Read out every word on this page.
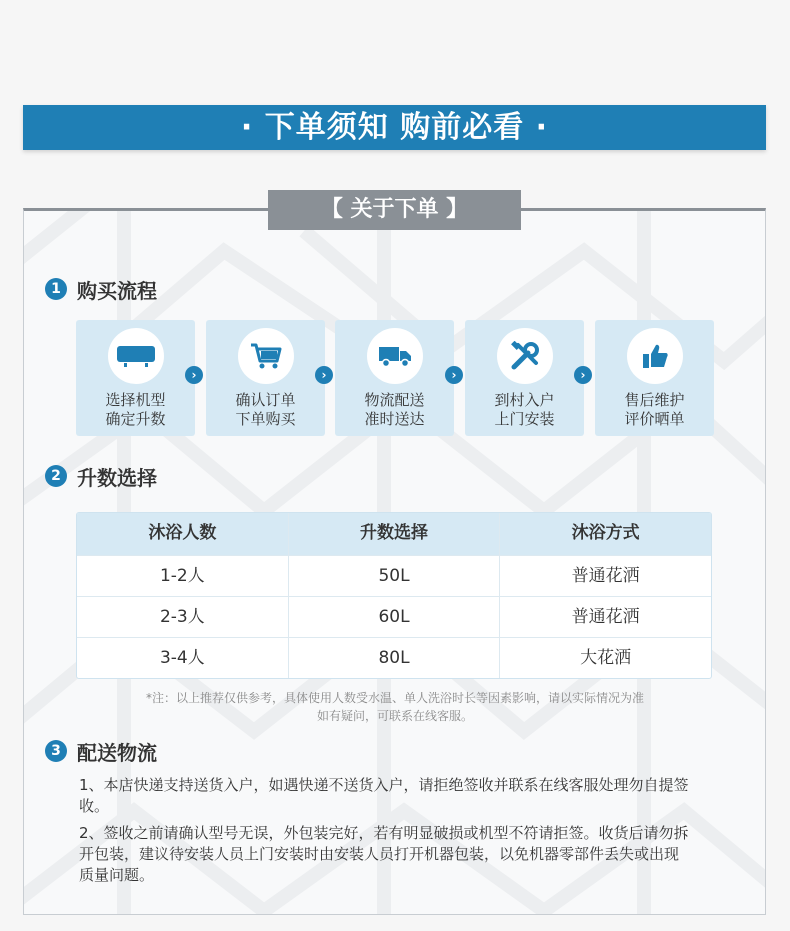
· 下单须知 购前必看 ·
【 关于下单 】
1 购买流程
选择机型
确定升数
›
确认订单
下单购买
›
物流配送
准时送达
›
到村入户
上门安装
›
售后维护
评价晒单
2 升数选择
沐浴人数	升数选择	沐浴方式
1-2人	50L	普通花洒
2-3人	60L	普通花洒
3-4人	80L	大花洒
*注：以上推荐仅供参考，具体使用人数受水温、单人洗浴时长等因素影响，请以实际情况为准
如有疑问，可联系在线客服。
3 配送物流
1、本店快递支持送货入户，如遇快递不送货入户，请拒绝签收并联系在线客服处理勿自提签收。
2、签收之前请确认型号无误，外包装完好，若有明显破损或机型不符请拒签。收货后请勿拆开包装，建议待安装人员上门安装时由安装人员打开机器包装，以免机器零部件丢失或出现质量问题。
